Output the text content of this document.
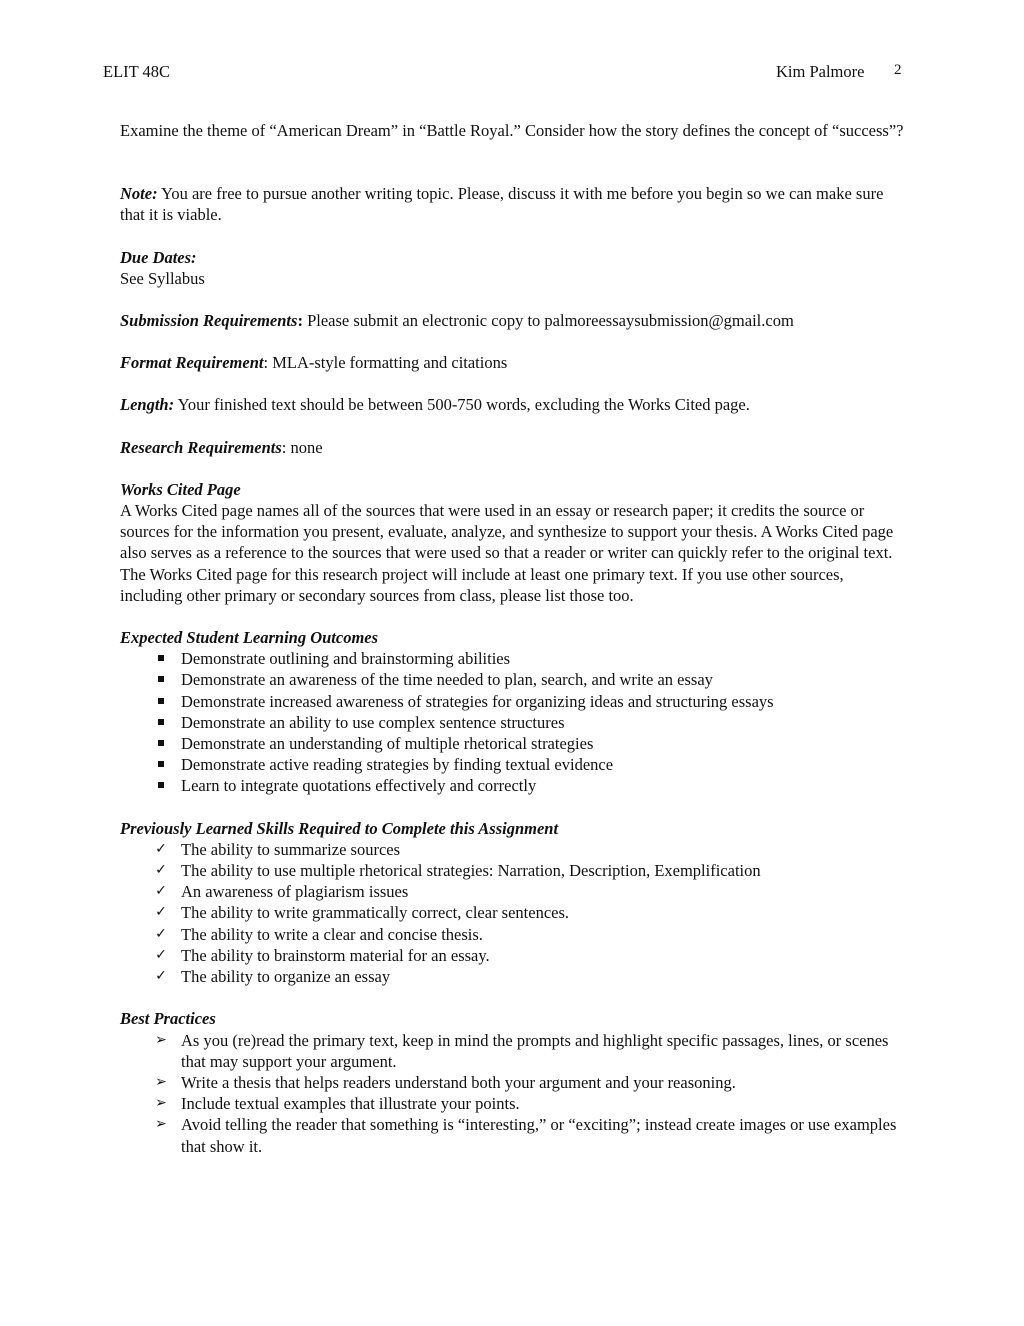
ELIT 48C	Kim Palmore 2

Examine the theme of “American Dream” in “Battle Royal.” Consider how the story defines the concept of “success”?

Note: You are free to pursue another writing topic. Please, discuss it with me before you begin so we can make sure that it is viable.

Due Dates:

See Syllabus

Submission Requirements: Please submit an electronic copy to palmoreessaysubmission@gmail.com

Format Requirement: MLA-style formatting and citations

Length: Your finished text should be between 500-750 words, excluding the Works Cited page.

Research Requirements: none

Works Cited Page

A Works Cited page names all of the sources that were used in an essay or research paper; it credits the source or sources for the information you present, evaluate, analyze, and synthesize to support your thesis. A Works Cited page also serves as a reference to the sources that were used so that a reader or writer can quickly refer to the original text. The Works Cited page for this research project will include at least one primary text. If you use other sources, including other primary or secondary sources from class, please list those too.

Expected Student Learning Outcomes

Demonstrate outlining and brainstorming abilities
Demonstrate an awareness of the time needed to plan, search, and write an essay
Demonstrate increased awareness of strategies for organizing ideas and structuring essays
Demonstrate an ability to use complex sentence structures
Demonstrate an understanding of multiple rhetorical strategies
Demonstrate active reading strategies by finding textual evidence
Learn to integrate quotations effectively and correctly

Previously Learned Skills Required to Complete this Assignment

✓ The ability to summarize sources
✓ The ability to use multiple rhetorical strategies: Narration, Description, Exemplification
✓ An awareness of plagiarism issues
✓ The ability to write grammatically correct, clear sentences.
✓ The ability to write a clear and concise thesis.
✓ The ability to brainstorm material for an essay.
✓ The ability to organize an essay

Best Practices

➢ As you (re)read the primary text, keep in mind the prompts and highlight specific passages, lines, or scenes that may support your argument.
➢ Write a thesis that helps readers understand both your argument and your reasoning.
➢ Include textual examples that illustrate your points.
➢ Avoid telling the reader that something is “interesting,” or “exciting”; instead create images or use examples that show it.
